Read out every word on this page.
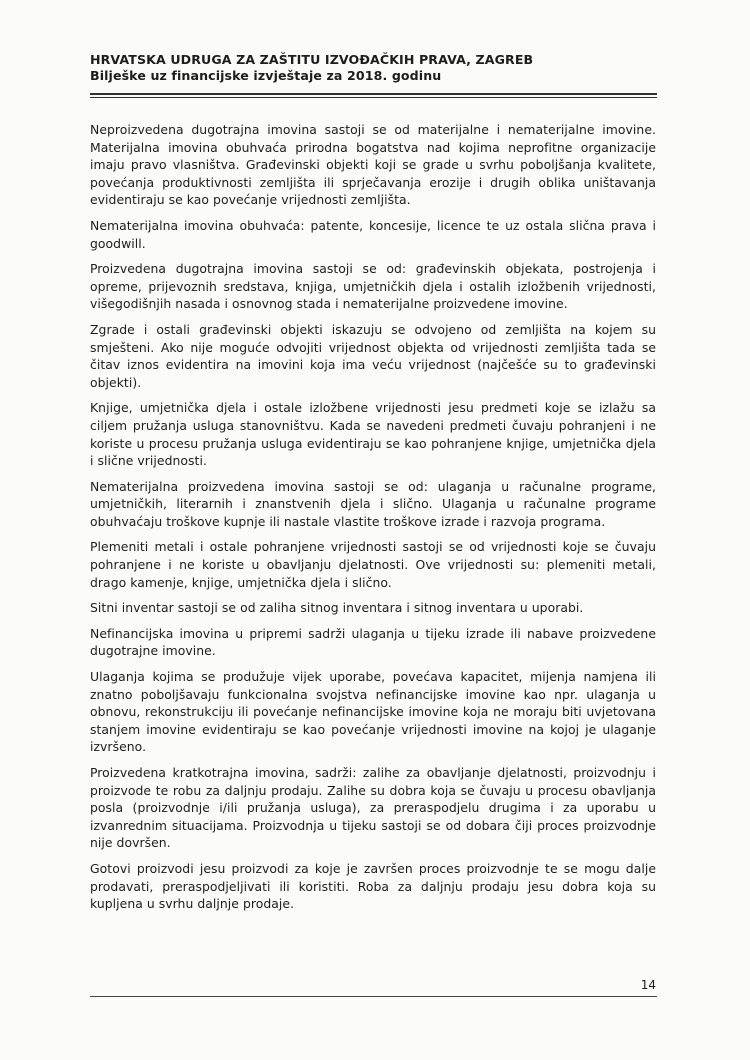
HRVATSKA UDRUGA ZA ZAŠTITU IZVOĐAČKIH PRAVA, ZAGREB
Bilješke uz financijske izvještaje za 2018. godinu

Neproizvedena dugotrajna imovina sastoji se od materijalne i nematerijalne imovine. Materijalna imovina obuhvaća prirodna bogatstva nad kojima neprofitne organizacije imaju pravo vlasništva. Građevinski objekti koji se grade u svrhu poboljšanja kvalitete, povećanja produktivnosti zemljišta ili sprječavanja erozije i drugih oblika uništavanja evidentiraju se kao povećanje vrijednosti zemljišta.

Nematerijalna imovina obuhvaća: patente, koncesije, licence te uz ostala slična prava i goodwill.

Proizvedena dugotrajna imovina sastoji se od: građevinskih objekata, postrojenja i opreme, prijevoznih sredstava, knjiga, umjetničkih djela i ostalih izložbenih vrijednosti, višegodišnjih nasada i osnovnog stada i nematerijalne proizvedene imovine.

Zgrade i ostali građevinski objekti iskazuju se odvojeno od zemljišta na kojem su smješteni. Ako nije moguće odvojiti vrijednost objekta od vrijednosti zemljišta tada se čitav iznos evidentira na imovini koja ima veću vrijednost (najčešće su to građevinski objekti).

Knjige, umjetnička djela i ostale izložbene vrijednosti jesu predmeti koje se izlažu sa ciljem pružanja usluga stanovništvu. Kada se navedeni predmeti čuvaju pohranjeni i ne koriste u procesu pružanja usluga evidentiraju se kao pohranjene knjige, umjetnička djela i slične vrijednosti.

Nematerijalna proizvedena imovina sastoji se od: ulaganja u računalne programe, umjetničkih, literarnih i znanstvenih djela i slično. Ulaganja u računalne programe obuhvaćaju troškove kupnje ili nastale vlastite troškove izrade i razvoja programa.

Plemeniti metali i ostale pohranjene vrijednosti sastoji se od vrijednosti koje se čuvaju pohranjene i ne koriste u obavljanju djelatnosti. Ove vrijednosti su: plemeniti metali, drago kamenje, knjige, umjetnička djela i slično.

Sitni inventar sastoji se od zaliha sitnog inventara i sitnog inventara u uporabi.

Nefinancijska imovina u pripremi sadrži ulaganja u tijeku izrade ili nabave proizvedene dugotrajne imovine.

Ulaganja kojima se produžuje vijek uporabe, povećava kapacitet, mijenja namjena ili znatno poboljšavaju funkcionalna svojstva nefinancijske imovine kao npr. ulaganja u obnovu, rekonstrukciju ili povećanje nefinancijske imovine koja ne moraju biti uvjetovana stanjem imovine evidentiraju se kao povećanje vrijednosti imovine na kojoj je ulaganje izvršeno.

Proizvedena kratkotrajna imovina, sadrži: zalihe za obavljanje djelatnosti, proizvodnju i proizvode te robu za daljnju prodaju. Zalihe su dobra koja se čuvaju u procesu obavljanja posla (proizvodnje i/ili pružanja usluga), za preraspodjelu drugima i za uporabu u izvanrednim situacijama. Proizvodnja u tijeku sastoji se od dobara čiji proces proizvodnje nije dovršen.

Gotovi proizvodi jesu proizvodi za koje je završen proces proizvodnje te se mogu dalje prodavati, preraspodjeljivati ili koristiti. Roba za daljnju prodaju jesu dobra koja su kupljena u svrhu daljnje prodaje.

14
